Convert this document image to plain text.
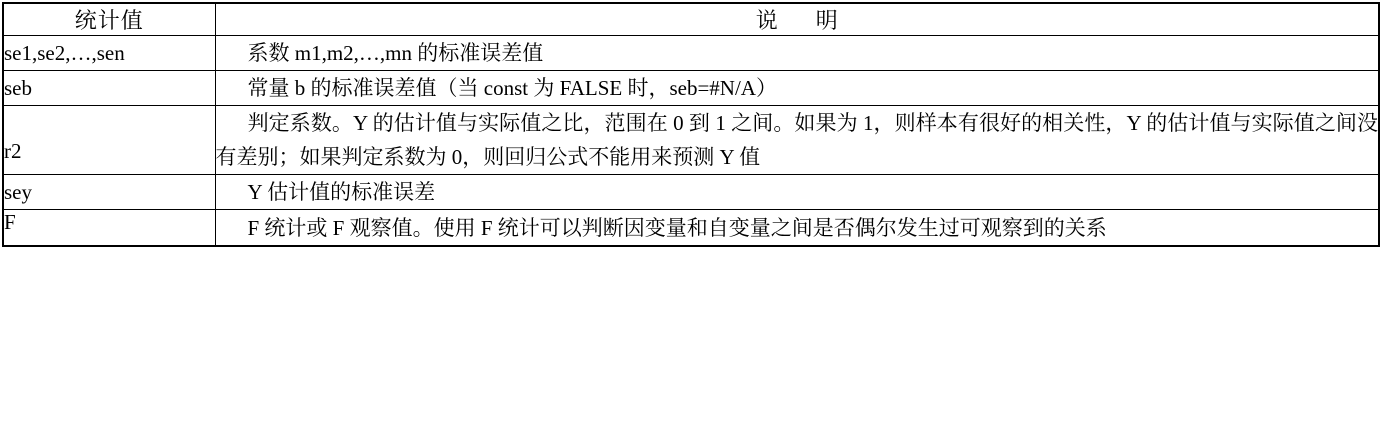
统计值	说 明
se1,se2,…,sen	系数 m1,m2,…,mn 的标准误差值
seb	常量 b 的标准误差值（当 const 为 FALSE 时，seb=#N/A）
r2	判定系数。Y 的估计值与实际值之比，范围在 0 到 1 之间。如果为 1，则样本有很好的相关性，Y 的估计值与实际值之间没有差别；如果判定系数为 0，则回归公式不能用来预测 Y 值
sey	Y 估计值的标准误差
F	F 统计或 F 观察值。使用 F 统计可以判断因变量和自变量之间是否偶尔发生过可观察到的关系
